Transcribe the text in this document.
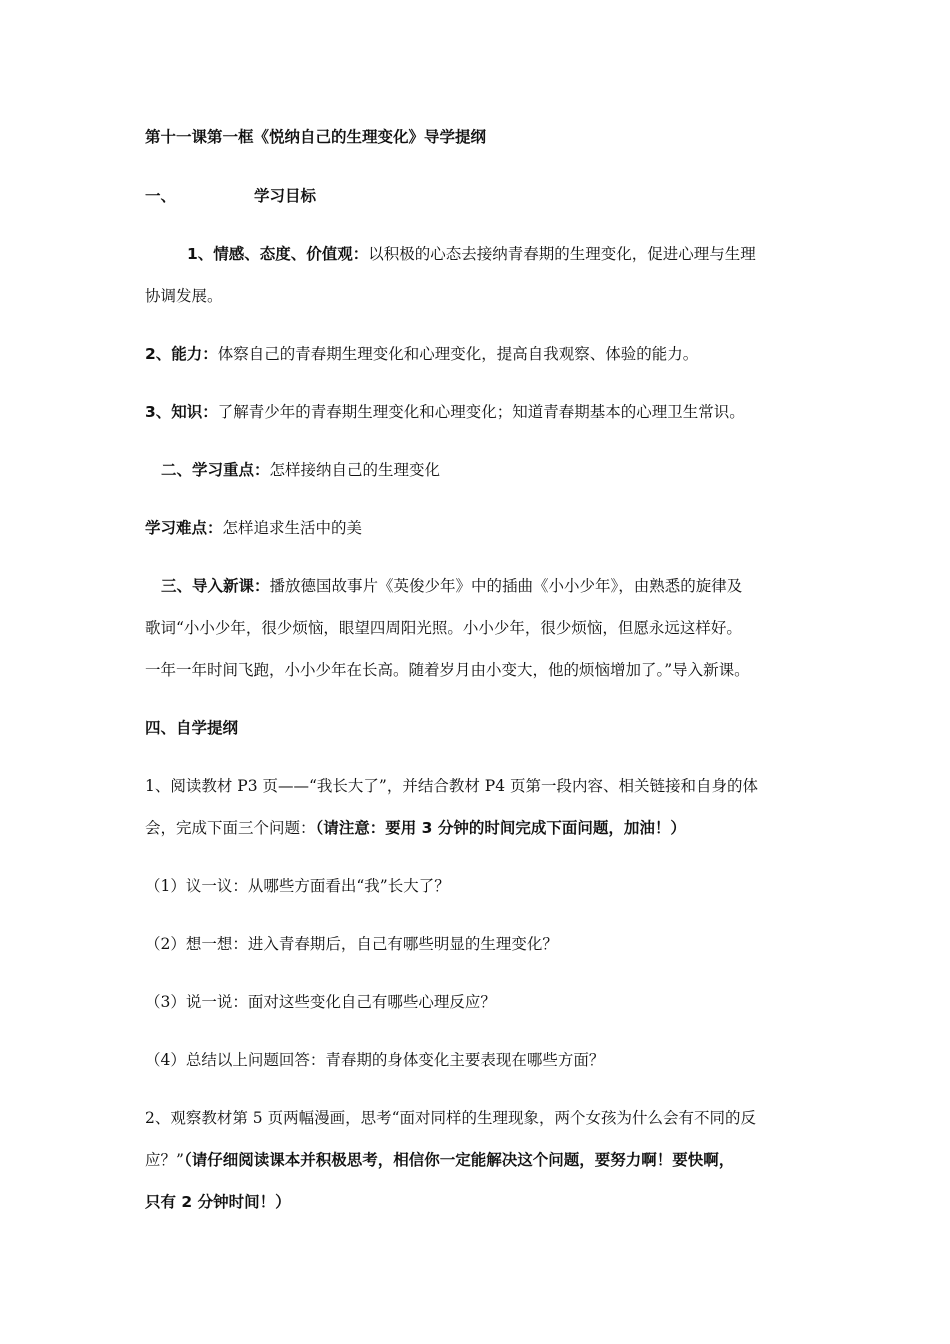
第十一课第一框《悦纳自己的生理变化》导学提纲
一、	学习目标
1、情感、态度、价值观：以积极的心态去接纳青春期的生理变化，促进心理与生理
协调发展。
2、能力：体察自己的青春期生理变化和心理变化，提高自我观察、体验的能力。
3、知识：了解青少年的青春期生理变化和心理变化；知道青春期基本的心理卫生常识。
二、学习重点：怎样接纳自己的生理变化
学习难点：怎样追求生活中的美
三、导入新课：播放德国故事片《英俊少年》中的插曲《小小少年》，由熟悉的旋律及
歌词“小小少年，很少烦恼，眼望四周阳光照。小小少年，很少烦恼，但愿永远这样好。
一年一年时间飞跑，小小少年在长高。随着岁月由小变大，他的烦恼增加了。”导入新课。
四、自学提纲
1、阅读教材 P3 页——“我长大了”，并结合教材 P4 页第一段内容、相关链接和自身的体
会，完成下面三个问题：（请注意：要用 3 分钟的时间完成下面问题，加油！）
（1）议一议：从哪些方面看出“我”长大了？
（2）想一想：进入青春期后，自己有哪些明显的生理变化？
（3）说一说：面对这些变化自己有哪些心理反应？
（4）总结以上问题回答：青春期的身体变化主要表现在哪些方面？
2、观察教材第 5 页两幅漫画，思考“面对同样的生理现象，两个女孩为什么会有不同的反
应？”（请仔细阅读课本并积极思考，相信你一定能解决这个问题，要努力啊！要快啊，
只有 2 分钟时间！）
